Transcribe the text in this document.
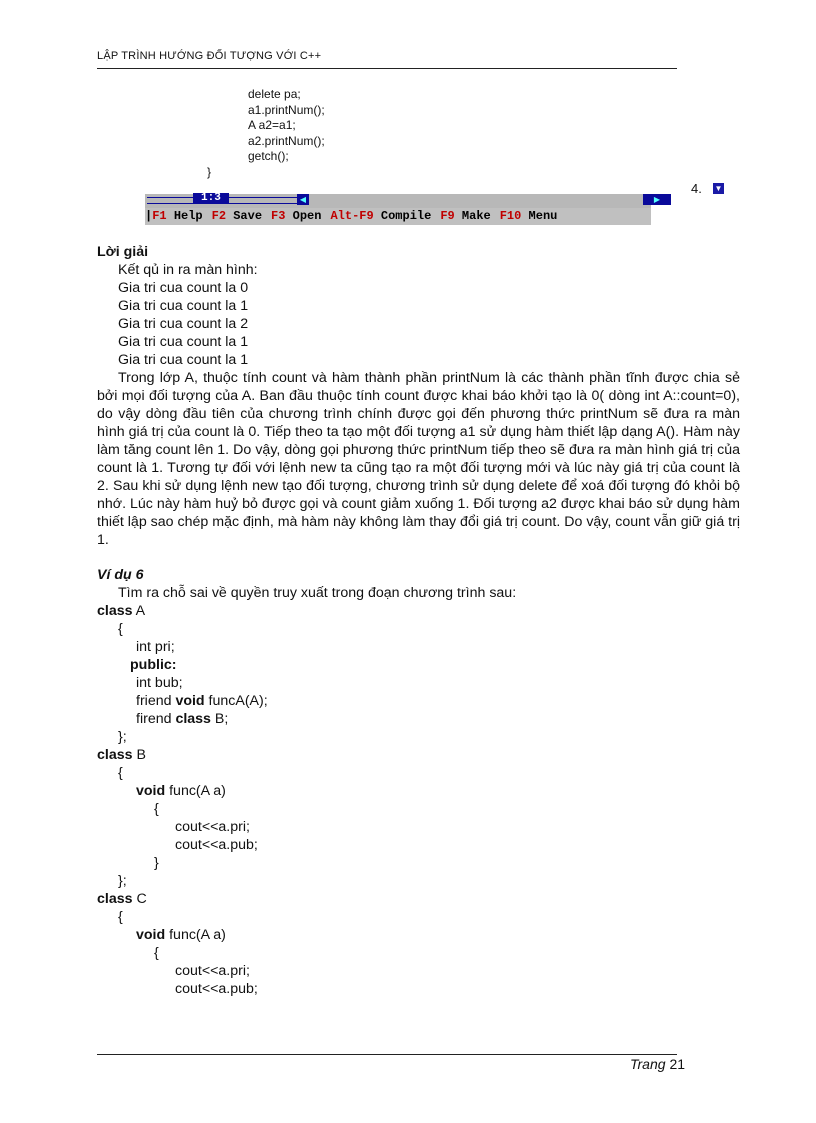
LẬP TRÌNH HƯỚNG ĐỐI TƯỢNG VỚI C++
delete pa;
a1.printNum();
A a2=a1;
a2.printNum();
getch();
}
1:3	◀	▶
|F1 Help F2 Save F3 Open Alt-F9 Compile F9 Make F10 Menu
4. ▼
Lời giải
Kết qủ in ra màn hình:
Gia tri cua count la 0
Gia tri cua count la 1
Gia tri cua count la 2
Gia tri cua count la 1
Gia tri cua count la 1
Trong lớp A, thuộc tính count và hàm thành phần printNum là các thành phần tĩnh được chia sẻ bởi mọi đối tượng của A. Ban đầu thuộc tính count được khai báo khởi tạo là 0( dòng int A::count=0), do vậy dòng đầu tiên của chương trình chính được gọi đến phương thức printNum sẽ đưa ra màn hình giá trị của count là 0. Tiếp theo ta tạo một đối tượng a1 sử dụng hàm thiết lập dạng A(). Hàm này làm tăng count lên 1. Do vậy, dòng gọi phương thức printNum tiếp theo sẽ đưa ra màn hình giá trị của count là 1. Tương tự đối với lệnh new ta cũng tạo ra một đối tượng mới và lúc này giá trị của count là 2. Sau khi sử dụng lệnh new tạo đối tượng, chương trình sử dụng delete để xoá đối tượng đó khỏi bộ nhớ. Lúc này hàm huỷ bỏ được gọi và count giảm xuống 1. Đối tượng a2 được khai báo sử dụng hàm thiết lập sao chép mặc định, mà hàm này không làm thay đổi giá trị count. Do vậy, count vẫn giữ giá trị 1.
Ví dụ 6
Tìm ra chỗ sai về quyền truy xuất trong đoạn chương trình sau:
class A
{
int pri;
public:
int bub;
friend void funcA(A);
firend class B;
};
class B
{
void func(A a)
{
cout<<a.pri;
cout<<a.pub;
}
};
class C
{
void func(A a)
{
cout<<a.pri;
cout<<a.pub;
Trang 21
